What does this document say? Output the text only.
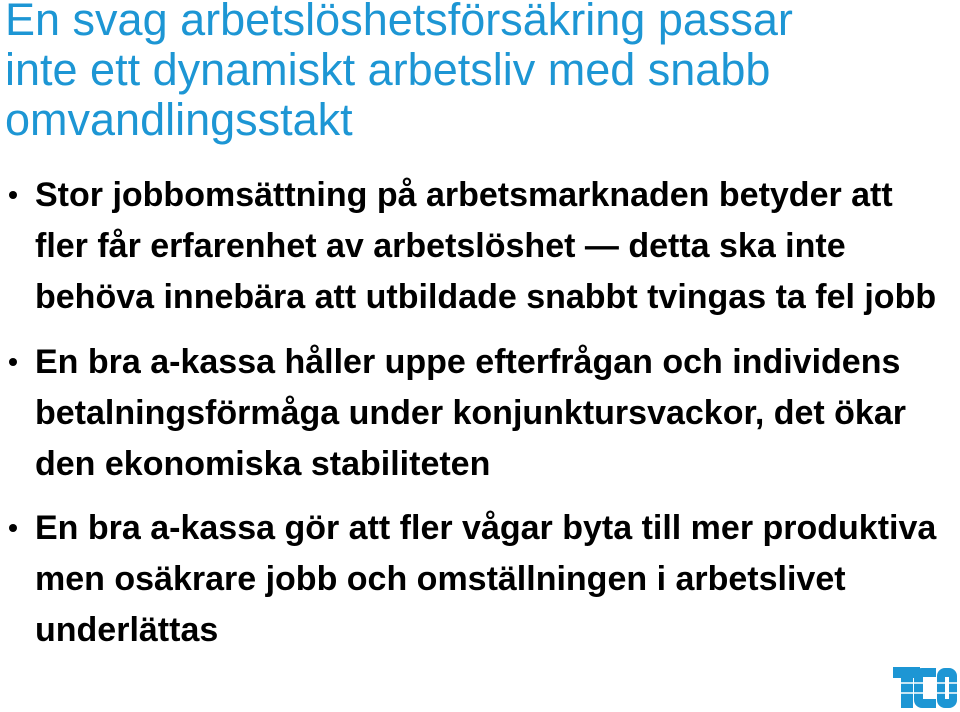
En svag arbetslöshetsförsäkring passar
inte ett dynamiskt arbetsliv med snabb
omvandlingsstakt
Stor jobbomsättning på arbetsmarknaden betyder att
fler får erfarenhet av arbetslöshet — detta ska inte
behöva innebära att utbildade snabbt tvingas ta fel jobb
En bra a-kassa håller uppe efterfrågan och individens
betalningsförmåga under konjunktursvackor, det ökar
den ekonomiska stabiliteten
En bra a-kassa gör att fler vågar byta till mer produktiva
men osäkrare jobb och omställningen i arbetslivet
underlättas
